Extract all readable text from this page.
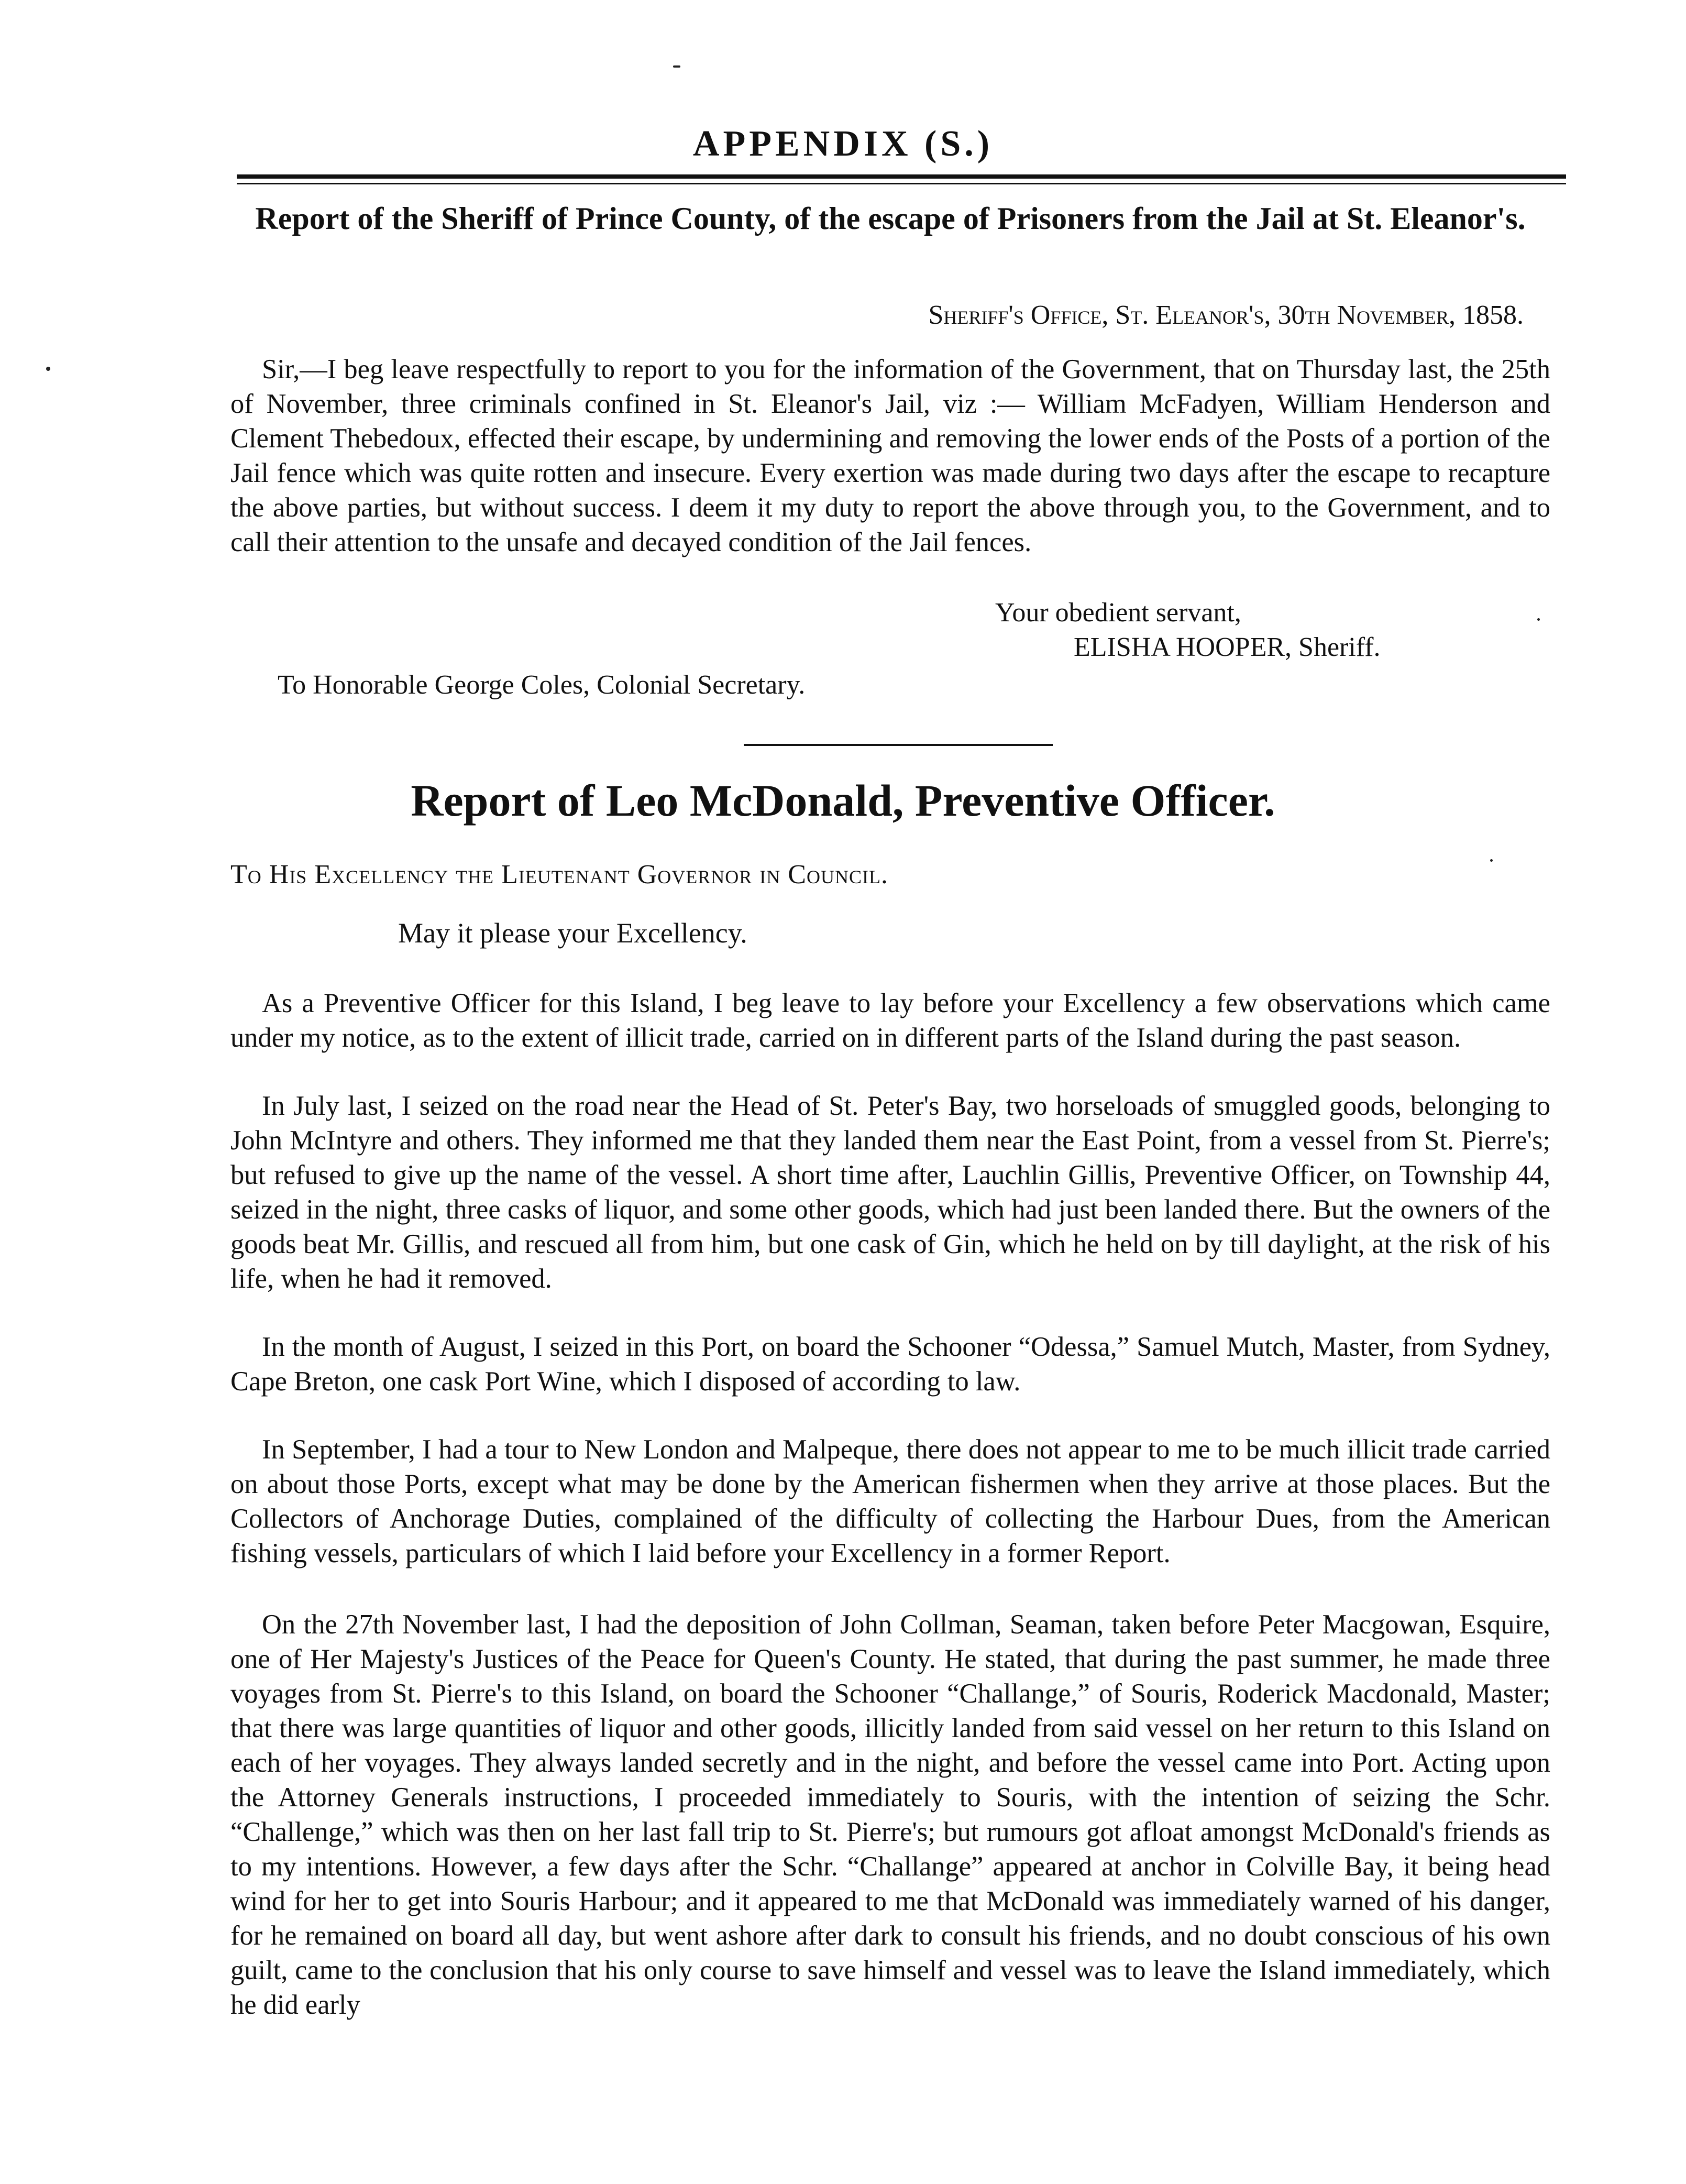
APPENDIX (S.)
Report of the Sheriff of Prince County, of the escape of Prisoners from the Jail at St. Eleanor's.
Sheriff's Office, St. Eleanor's, 30th November, 1858.
Sir,—I beg leave respectfully to report to you for the information of the Government, that on Thursday last, the 25th of November, three criminals confined in St. Eleanor's Jail, viz :— William McFadyen, William Henderson and Clement Thebedoux, effected their escape, by undermining and removing the lower ends of the Posts of a portion of the Jail fence which was quite rotten and insecure. Every exertion was made during two days after the escape to recapture the above parties, but without success. I deem it my duty to report the above through you, to the Government, and to call their attention to the unsafe and decayed condition of the Jail fences.
Your obedient servant,
ELISHA HOOPER, Sheriff.
To Honorable George Coles, Colonial Secretary.
Report of Leo McDonald, Preventive Officer.
To His Excellency the Lieutenant Governor in Council.
May it please your Excellency.
As a Preventive Officer for this Island, I beg leave to lay before your Excellency a few observations which came under my notice, as to the extent of illicit trade, carried on in different parts of the Island during the past season.
In July last, I seized on the road near the Head of St. Peter's Bay, two horseloads of smuggled goods, belonging to John McIntyre and others. They informed me that they landed them near the East Point, from a vessel from St. Pierre's; but refused to give up the name of the vessel. A short time after, Lauchlin Gillis, Preventive Officer, on Township 44, seized in the night, three casks of liquor, and some other goods, which had just been landed there. But the owners of the goods beat Mr. Gillis, and rescued all from him, but one cask of Gin, which he held on by till daylight, at the risk of his life, when he had it removed.
In the month of August, I seized in this Port, on board the Schooner “Odessa,” Samuel Mutch, Master, from Sydney, Cape Breton, one cask Port Wine, which I disposed of according to law.
In September, I had a tour to New London and Malpeque, there does not appear to me to be much illicit trade carried on about those Ports, except what may be done by the American fishermen when they arrive at those places. But the Collectors of Anchorage Duties, complained of the difficulty of collecting the Harbour Dues, from the American fishing vessels, particulars of which I laid before your Excellency in a former Report.
On the 27th November last, I had the deposition of John Collman, Seaman, taken before Peter Macgowan, Esquire, one of Her Majesty's Justices of the Peace for Queen's County. He stated, that during the past summer, he made three voyages from St. Pierre's to this Island, on board the Schooner “Challange,” of Souris, Roderick Macdonald, Master; that there was large quantities of liquor and other goods, illicitly landed from said vessel on her return to this Island on each of her voyages. They always landed secretly and in the night, and before the vessel came into Port. Acting upon the Attorney Generals instructions, I proceeded immediately to Souris, with the intention of seizing the Schr. “Challenge,” which was then on her last fall trip to St. Pierre's; but rumours got afloat amongst McDonald's friends as to my intentions. However, a few days after the Schr. “Challange” appeared at anchor in Colville Bay, it being head wind for her to get into Souris Harbour; and it appeared to me that McDonald was immediately warned of his danger, for he remained on board all day, but went ashore after dark to consult his friends, and no doubt conscious of his own guilt, came to the conclusion that his only course to save himself and vessel was to leave the Island immediately, which he did early
